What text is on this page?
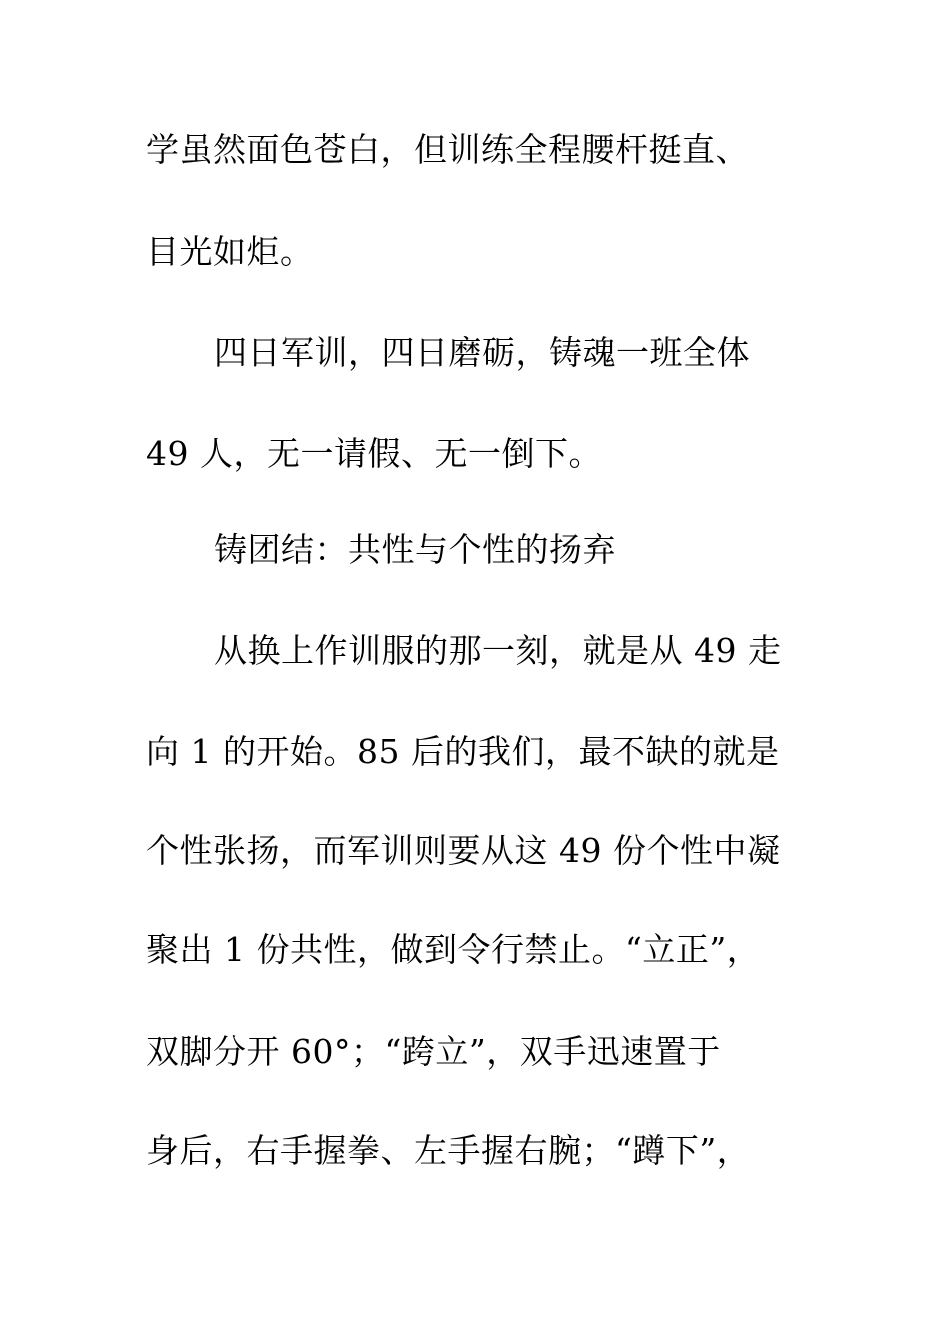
学虽然面色苍白，但训练全程腰杆挺直、
目光如炬。
四日军训，四日磨砺，铸魂一班全体
49 人，无一请假、无一倒下。
铸团结：共性与个性的扬弃
从换上作训服的那一刻，就是从 49 走
向 1 的开始。85 后的我们，最不缺的就是
个性张扬，而军训则要从这 49 份个性中凝
聚出 1 份共性，做到令行禁止。“立正”，
双脚分开 60°；“跨立”，双手迅速置于
身后，右手握拳、左手握右腕；“蹲下”，
